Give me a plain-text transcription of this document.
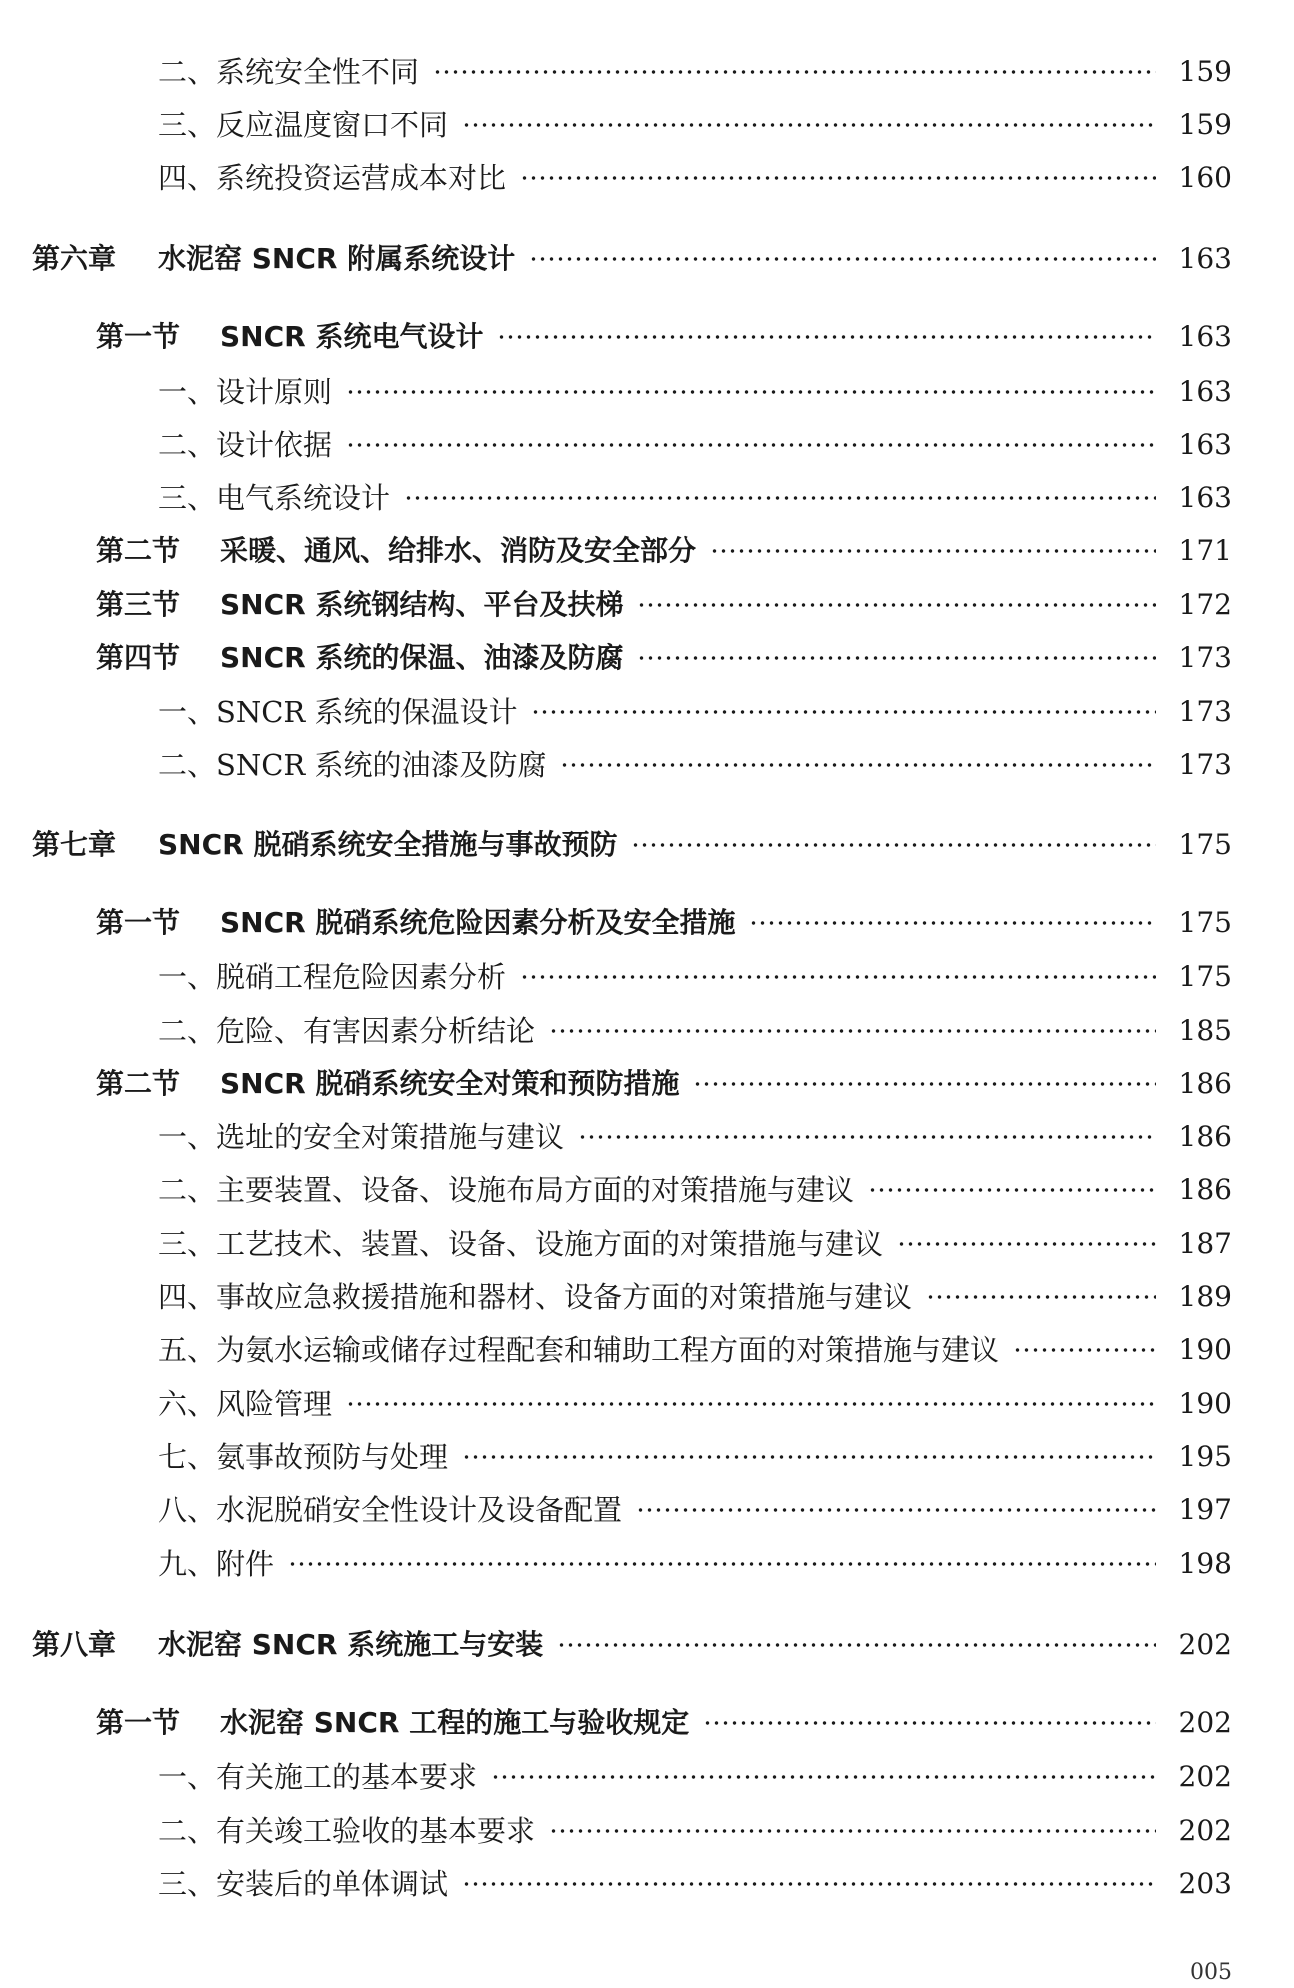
二、系统安全性不同	159
三、反应温度窗口不同	159
四、系统投资运营成本对比	160
第六章 水泥窑 SNCR 附属系统设计	163
第一节 SNCR 系统电气设计	163
一、设计原则	163
二、设计依据	163
三、电气系统设计	163
第二节 采暖、通风、给排水、消防及安全部分	171
第三节 SNCR 系统钢结构、平台及扶梯	172
第四节 SNCR 系统的保温、油漆及防腐	173
一、SNCR 系统的保温设计	173
二、SNCR 系统的油漆及防腐	173
第七章 SNCR 脱硝系统安全措施与事故预防	175
第一节 SNCR 脱硝系统危险因素分析及安全措施	175
一、脱硝工程危险因素分析	175
二、危险、有害因素分析结论	185
第二节 SNCR 脱硝系统安全对策和预防措施	186
一、选址的安全对策措施与建议	186
二、主要装置、设备、设施布局方面的对策措施与建议	186
三、工艺技术、装置、设备、设施方面的对策措施与建议	187
四、事故应急救援措施和器材、设备方面的对策措施与建议	189
五、为氨水运输或储存过程配套和辅助工程方面的对策措施与建议	190
六、风险管理	190
七、氨事故预防与处理	195
八、水泥脱硝安全性设计及设备配置	197
九、附件	198
第八章 水泥窑 SNCR 系统施工与安装	202
第一节 水泥窑 SNCR 工程的施工与验收规定	202
一、有关施工的基本要求	202
二、有关竣工验收的基本要求	202
三、安装后的单体调试	203
005
